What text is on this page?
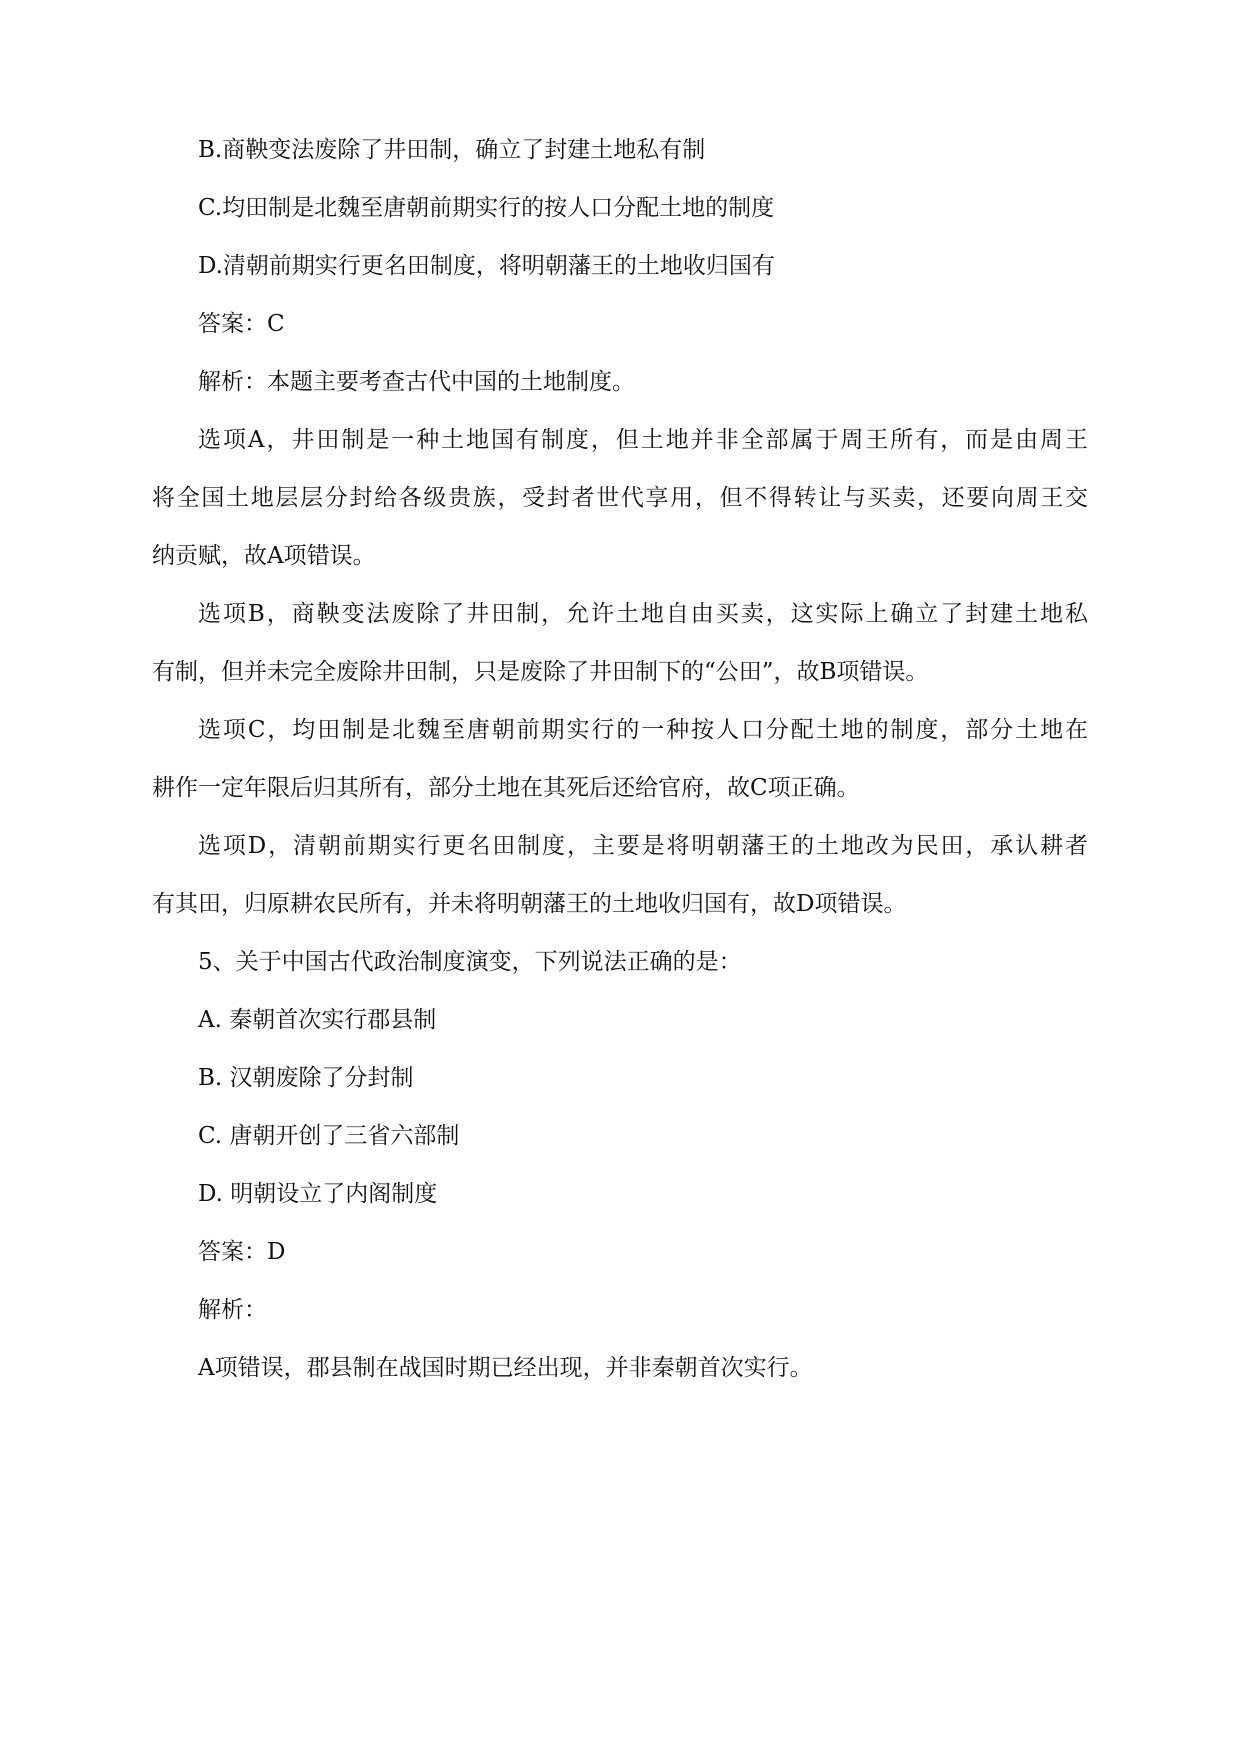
B.商鞅变法废除了井田制，确立了封建土地私有制
C.均田制是北魏至唐朝前期实行的按人口分配土地的制度
D.清朝前期实行更名田制度，将明朝藩王的土地收归国有
答案：C
解析：本题主要考查古代中国的土地制度。
选项A，井田制是一种土地国有制度，但土地并非全部属于周王所有，而是由周王
将全国土地层层分封给各级贵族，受封者世代享用，但不得转让与买卖，还要向周王交
纳贡赋，故A项错误。
选项B，商鞅变法废除了井田制，允许土地自由买卖，这实际上确立了封建土地私
有制，但并未完全废除井田制，只是废除了井田制下的“公田”，故B项错误。
选项C，均田制是北魏至唐朝前期实行的一种按人口分配土地的制度，部分土地在
耕作一定年限后归其所有，部分土地在其死后还给官府，故C项正确。
选项D，清朝前期实行更名田制度，主要是将明朝藩王的土地改为民田，承认耕者
有其田，归原耕农民所有，并未将明朝藩王的土地收归国有，故D项错误。
5、关于中国古代政治制度演变，下列说法正确的是：
A. 秦朝首次实行郡县制
B. 汉朝废除了分封制
C. 唐朝开创了三省六部制
D. 明朝设立了内阁制度
答案：D
解析：
A项错误，郡县制在战国时期已经出现，并非秦朝首次实行。
